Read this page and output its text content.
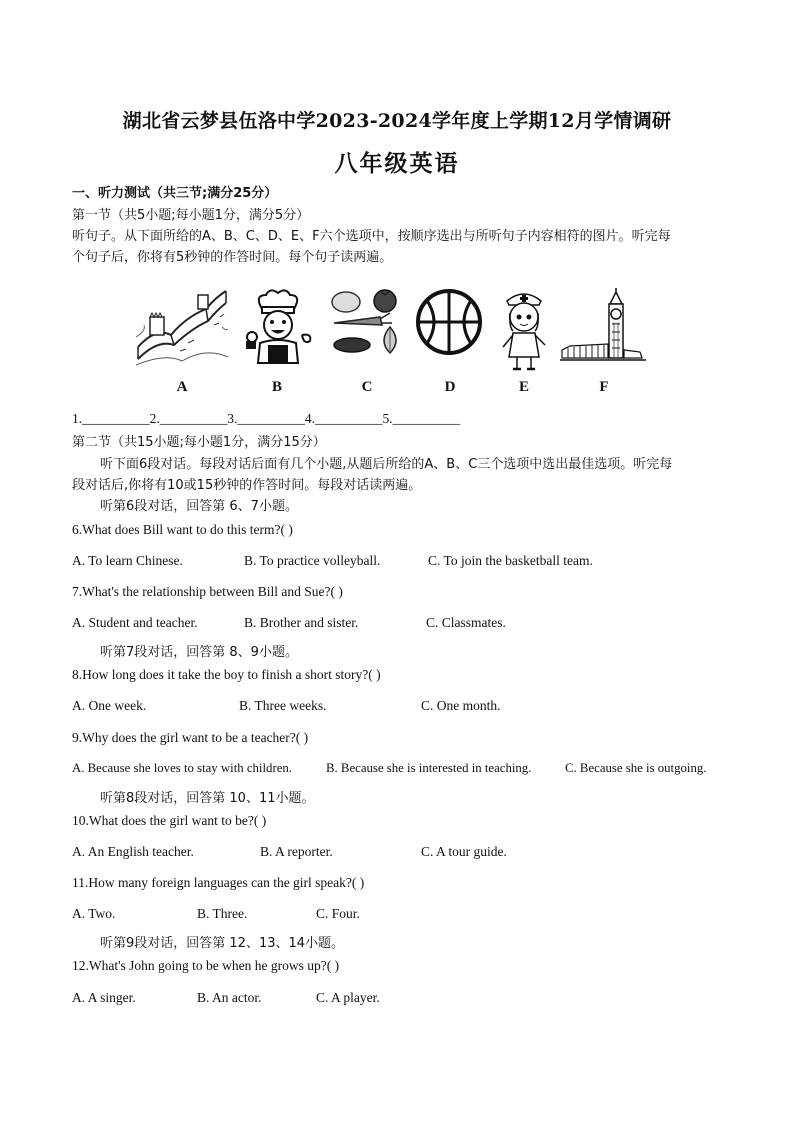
湖北省云梦县伍洛中学2023-2024学年度上学期12月学情调研
八年级英语
一、听力测试（共三节;满分25分）
第一节（共5小题;每小题1分，满分5分）
听句子。从下面所给的A、B、C、D、E、F六个选项中，按顺序选出与所听句子内容相符的图片。听完每
个句子后，你将有5秒钟的作答时间。每个句子读两遍。
A	B	C	D	E	F
1.__________2.__________3.__________4.__________5.__________
第二节（共15小题;每小题1分，满分15分）
听下面6段对话。每段对话后面有几个小题,从题后所给的A、B、C三个选项中选出最佳选项。听完每
段对话后,你将有10或15秒钟的作答时间。每段对话读两遍。
听第6段对话，回答第 6、7小题。
6.What does Bill want to do this term?( )
A. To learn Chinese.	B. To practice volleyball.	C. To join the basketball team.
7.What's the relationship between Bill and Sue?( )
A. Student and teacher.	B. Brother and sister.	C. Classmates.
听第7段对话，回答第 8、9小题。
8.How long does it take the boy to finish a short story?( )
A. One week.	B. Three weeks.	C. One month.
9.Why does the girl want to be a teacher?( )
A. Because she loves to stay with children.	B. Because she is interested in teaching.	C. Because she is outgoing.
听第8段对话，回答第 10、11小题。
10.What does the girl want to be?( )
A. An English teacher.	B. A reporter.	C. A tour guide.
11.How many foreign languages can the girl speak?( )
A. Two.	B. Three.	C. Four.
听第9段对话，回答第 12、13、14小题。
12.What's John going to be when he grows up?( )
A. A singer.	B. An actor.	C. A player.
